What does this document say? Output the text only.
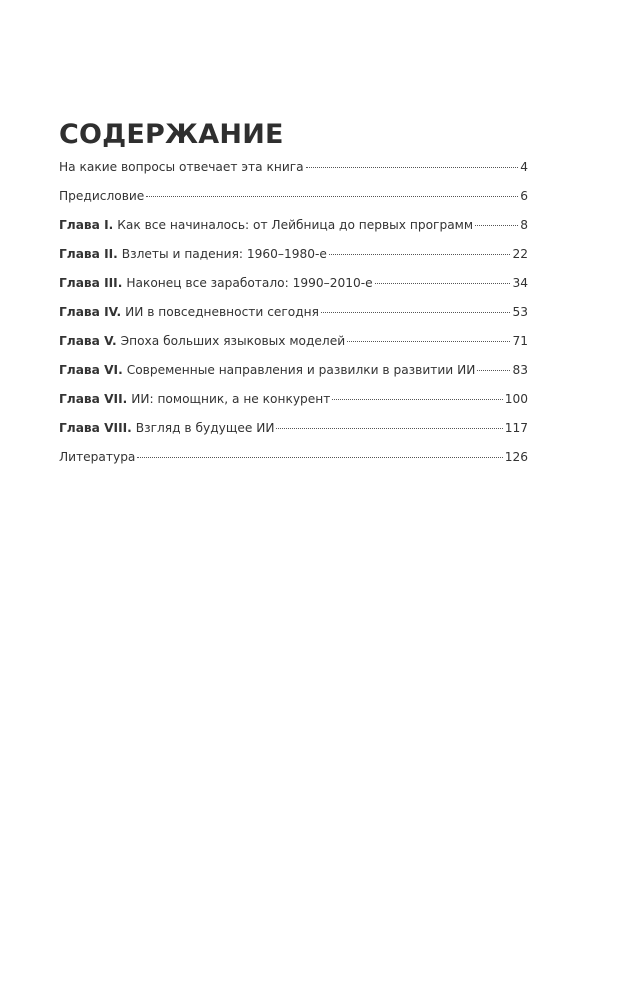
СОДЕРЖАНИЕ
На какие вопросы отвечает эта книга	4
Предисловие	6
Глава I. Как все начиналось: от Лейбница до первых программ	8
Глава II. Взлеты и падения: 1960–1980-е	22
Глава III. Наконец все заработало: 1990–2010-е	34
Глава IV. ИИ в повседневности сегодня	53
Глава V. Эпоха больших языковых моделей	71
Глава VI. Современные направления и развилки в развитии ИИ	83
Глава VII. ИИ: помощник, а не конкурент	100
Глава VIII. Взгляд в будущее ИИ	117
Литература	126
